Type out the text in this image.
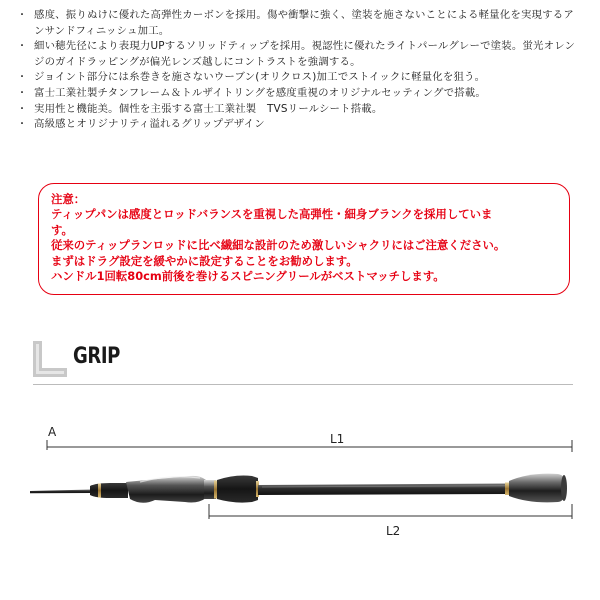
・ 感度、振りぬけに優れた高弾性カーボンを採用。傷や衝撃に強く、塗装を施さないことによる軽量化を実現するアンサンドフィニッシュ加工。
・ 細い穂先径により表現力UPするソリッドティップを採用。視認性に優れたライトパールグレーで塗装。蛍光オレンジのガイドラッピングが偏光レンズ越しにコントラストを強調する。
・ ジョイント部分には糸巻きを施さないウーブン(オリクロス)加工でストイックに軽量化を狙う。
・ 富士工業社製チタンフレーム＆トルザイトリングを感度重視のオリジナルセッティングで搭載。
・ 実用性と機能美。個性を主張する富士工業社製　TVSリールシート搭載。
・ 高級感とオリジナリティ溢れるグリップデザイン
注意：
ティップパンは感度とロッドバランスを重視した高弾性・細身ブランクを採用していま
す。
従来のティップランロッドに比べ繊細な設計のため激しいシャクリにはご注意ください。
まずはドラグ設定を緩やかに設定することをお勧めします。
ハンドル1回転80cm前後を巻けるスピニングリールがベストマッチします。
GRIP
A	L1
L2
